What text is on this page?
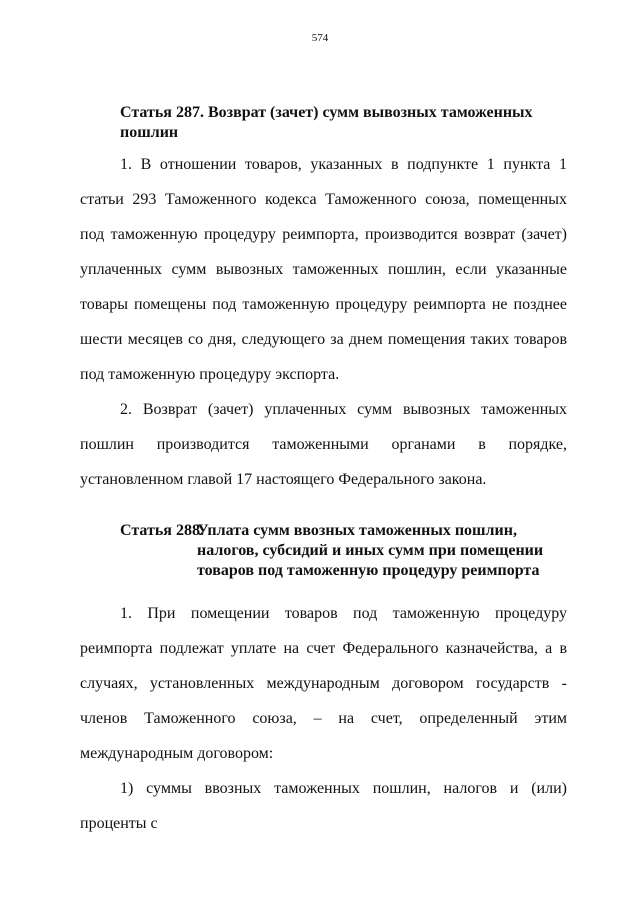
574
Статья 287. Возврат (зачет) сумм вывозных таможенных пошлин

1. В отношении товаров, указанных в подпункте 1 пункта 1 статьи 293 Таможенного кодекса Таможенного союза, помещенных под таможенную процедуру реимпорта, производится возврат (зачет) уплаченных сумм вывозных таможенных пошлин, если указанные товары помещены под таможенную процедуру реимпорта не позднее шести месяцев со дня, следующего за днем помещения таких товаров под таможенную процедуру экспорта.

2. Возврат (зачет) уплаченных сумм вывозных таможенных пошлин производится таможенными органами в порядке, установленном главой 17 настоящего Федерального закона.

Статья 288.
Уплата сумм ввозных таможенных пошлин,
налогов, субсидий и иных сумм при помещении
товаров под таможенную процедуру реимпорта

1. При помещении товаров под таможенную процедуру реимпорта подлежат уплате на счет Федерального казначейства, а в случаях, установленных международным договором государств - членов Таможенного союза, – на счет, определенный этим международным договором:

1) суммы ввозных таможенных пошлин, налогов и (или) проценты с
